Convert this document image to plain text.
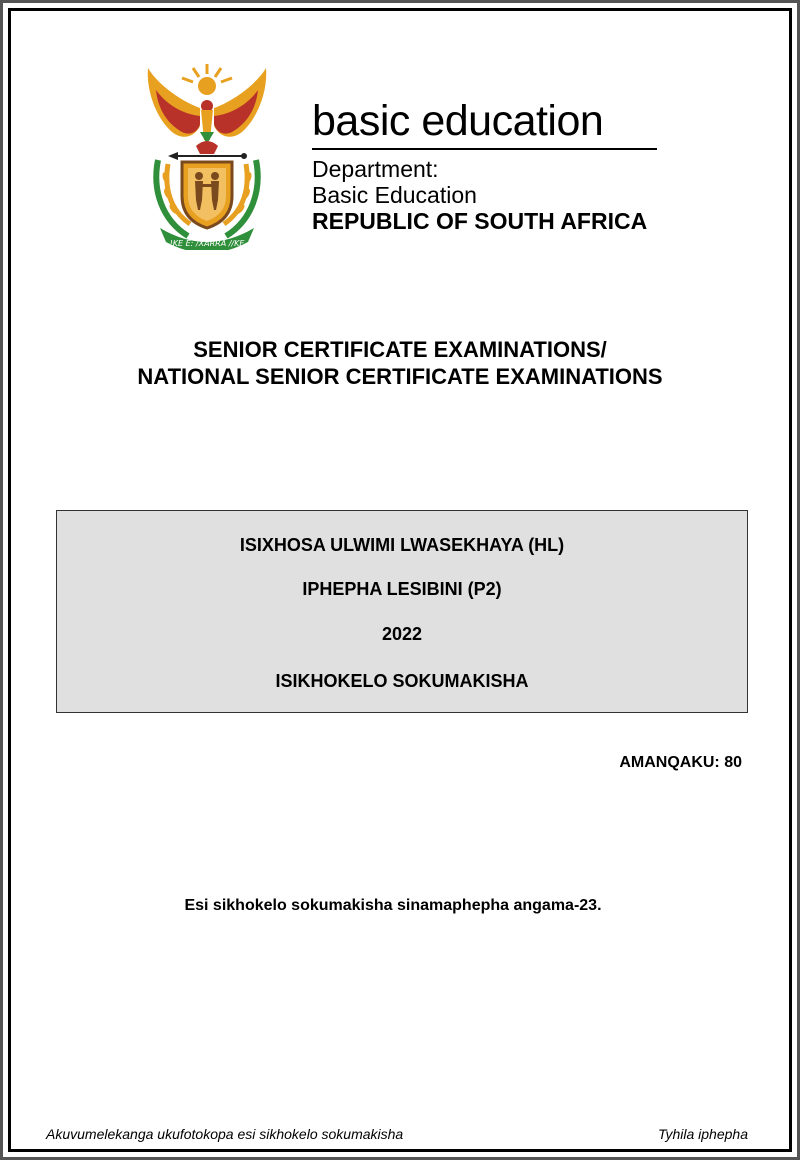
!KE E: /XARRA //KE
basic education
Department:
Basic Education
REPUBLIC OF SOUTH AFRICA
SENIOR CERTIFICATE EXAMINATIONS/
NATIONAL SENIOR CERTIFICATE EXAMINATIONS
ISIXHOSA ULWIMI LWASEKHAYA (HL)
IPHEPHA LESIBINI (P2)
2022
ISIKHOKELO SOKUMAKISHA
AMANQAKU: 80
Esi sikhokelo sokumakisha sinamaphepha angama-23.
Akuvumelekanga ukufotokopa esi sikhokelo sokumakisha	Tyhila iphepha
